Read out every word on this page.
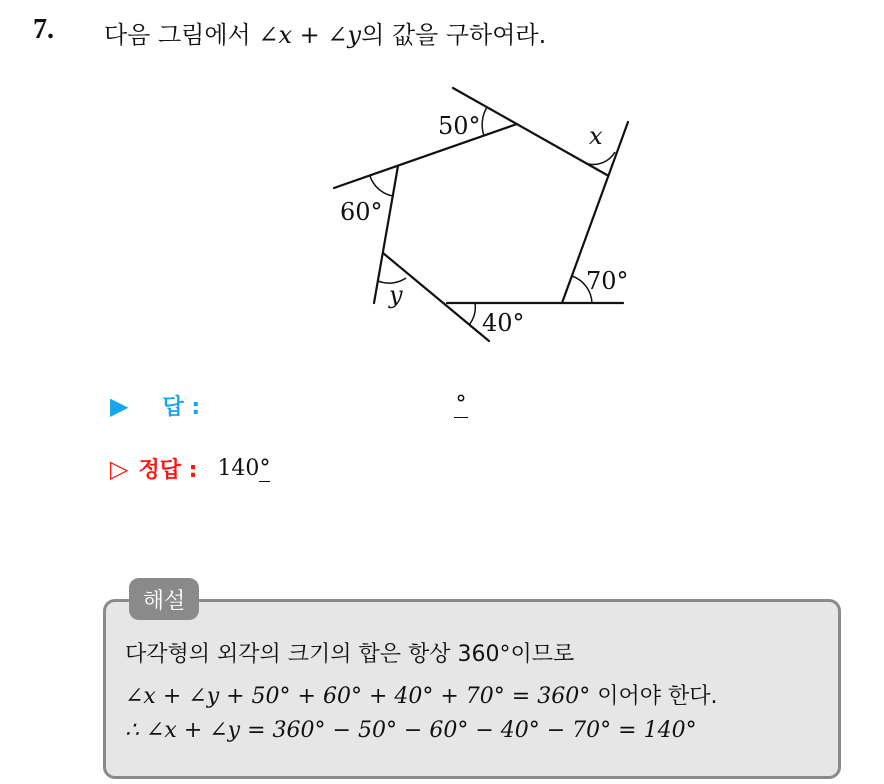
7. 다음 그림에서 ∠x + ∠y의 값을 구하여라.
50°
60°
x
70°
y
40°
▶ 답 :	°
▷ 정답 : 140°
해설
다각형의 외각의 크기의 합은 항상 360°이므로
∠x + ∠y + 50° + 60° + 40° + 70° = 360° 이어야 한다.
∴ ∠x + ∠y = 360° − 50° − 60° − 40° − 70° = 140°
